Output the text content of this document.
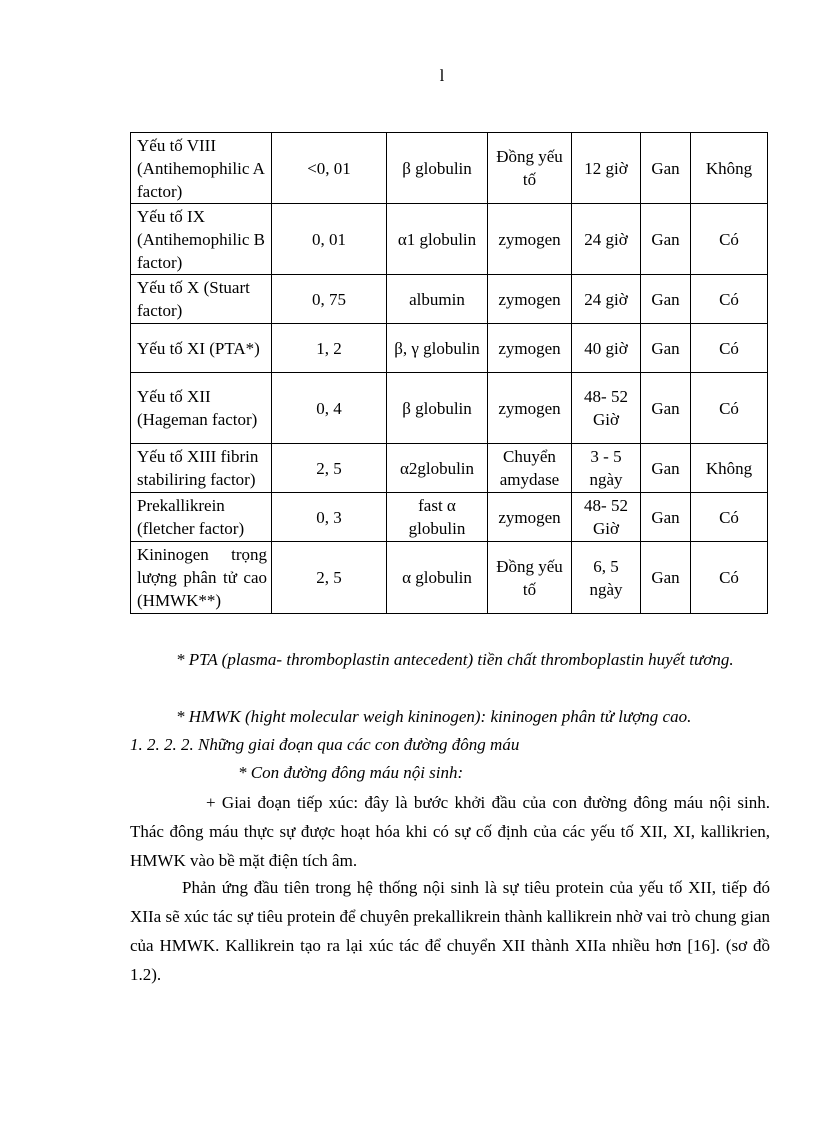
l
Yếu tố VIII (Antihemophilic A factor)	<0, 01	β globulin	Đồng yếu tố	12 giờ	Gan	Không
Yếu tố IX (Antihemophilic B factor)	0, 01	α1 globulin	zymogen	24 giờ	Gan	Có
Yếu tố X (Stuart factor)	0, 75	albumin	zymogen	24 giờ	Gan	Có
Yếu tố XI (PTA*)	1, 2	β, γ globulin	zymogen	40 giờ	Gan	Có
Yếu tố XII (Hageman factor)	0, 4	β globulin	zymogen	48- 52 Giờ	Gan	Có
Yếu tố XIII fibrin stabiliring factor)	2, 5	α2globulin	Chuyển amydase	3 - 5 ngày	Gan	Không
Prekallikrein (fletcher factor)	0, 3	fast α globulin	zymogen	48- 52 Giờ	Gan	Có
Kininogen trọng lượng phân tử cao (HMWK**)	2, 5	α globulin	Đồng yếu tố	6, 5 ngày	Gan	Có
* PTA (plasma- thromboplastin antecedent) tiền chất thromboplastin huyết tương.
* HMWK (hight molecular weigh kininogen): kininogen phân tử lượng cao.
1. 2. 2. 2. Những giai đoạn qua các con đường đông máu
* Con đường đông máu nội sinh:
+ Giai đoạn tiếp xúc: đây là bước khởi đầu của con đường đông máu nội sinh. Thác đông máu thực sự được hoạt hóa khi có sự cố định của các yếu tố XII, XI, kallikrien, HMWK vào bề mặt điện tích âm.
Phản ứng đầu tiên trong hệ thống nội sinh là sự tiêu protein của yếu tố XII, tiếp đó XIIa sẽ xúc tác sự tiêu protein để chuyên prekallikrein thành kallikrein nhờ vai trò chung gian của HMWK. Kallikrein tạo ra lại xúc tác để chuyển XII thành XIIa nhiều hơn [16]. (sơ đồ 1.2).
